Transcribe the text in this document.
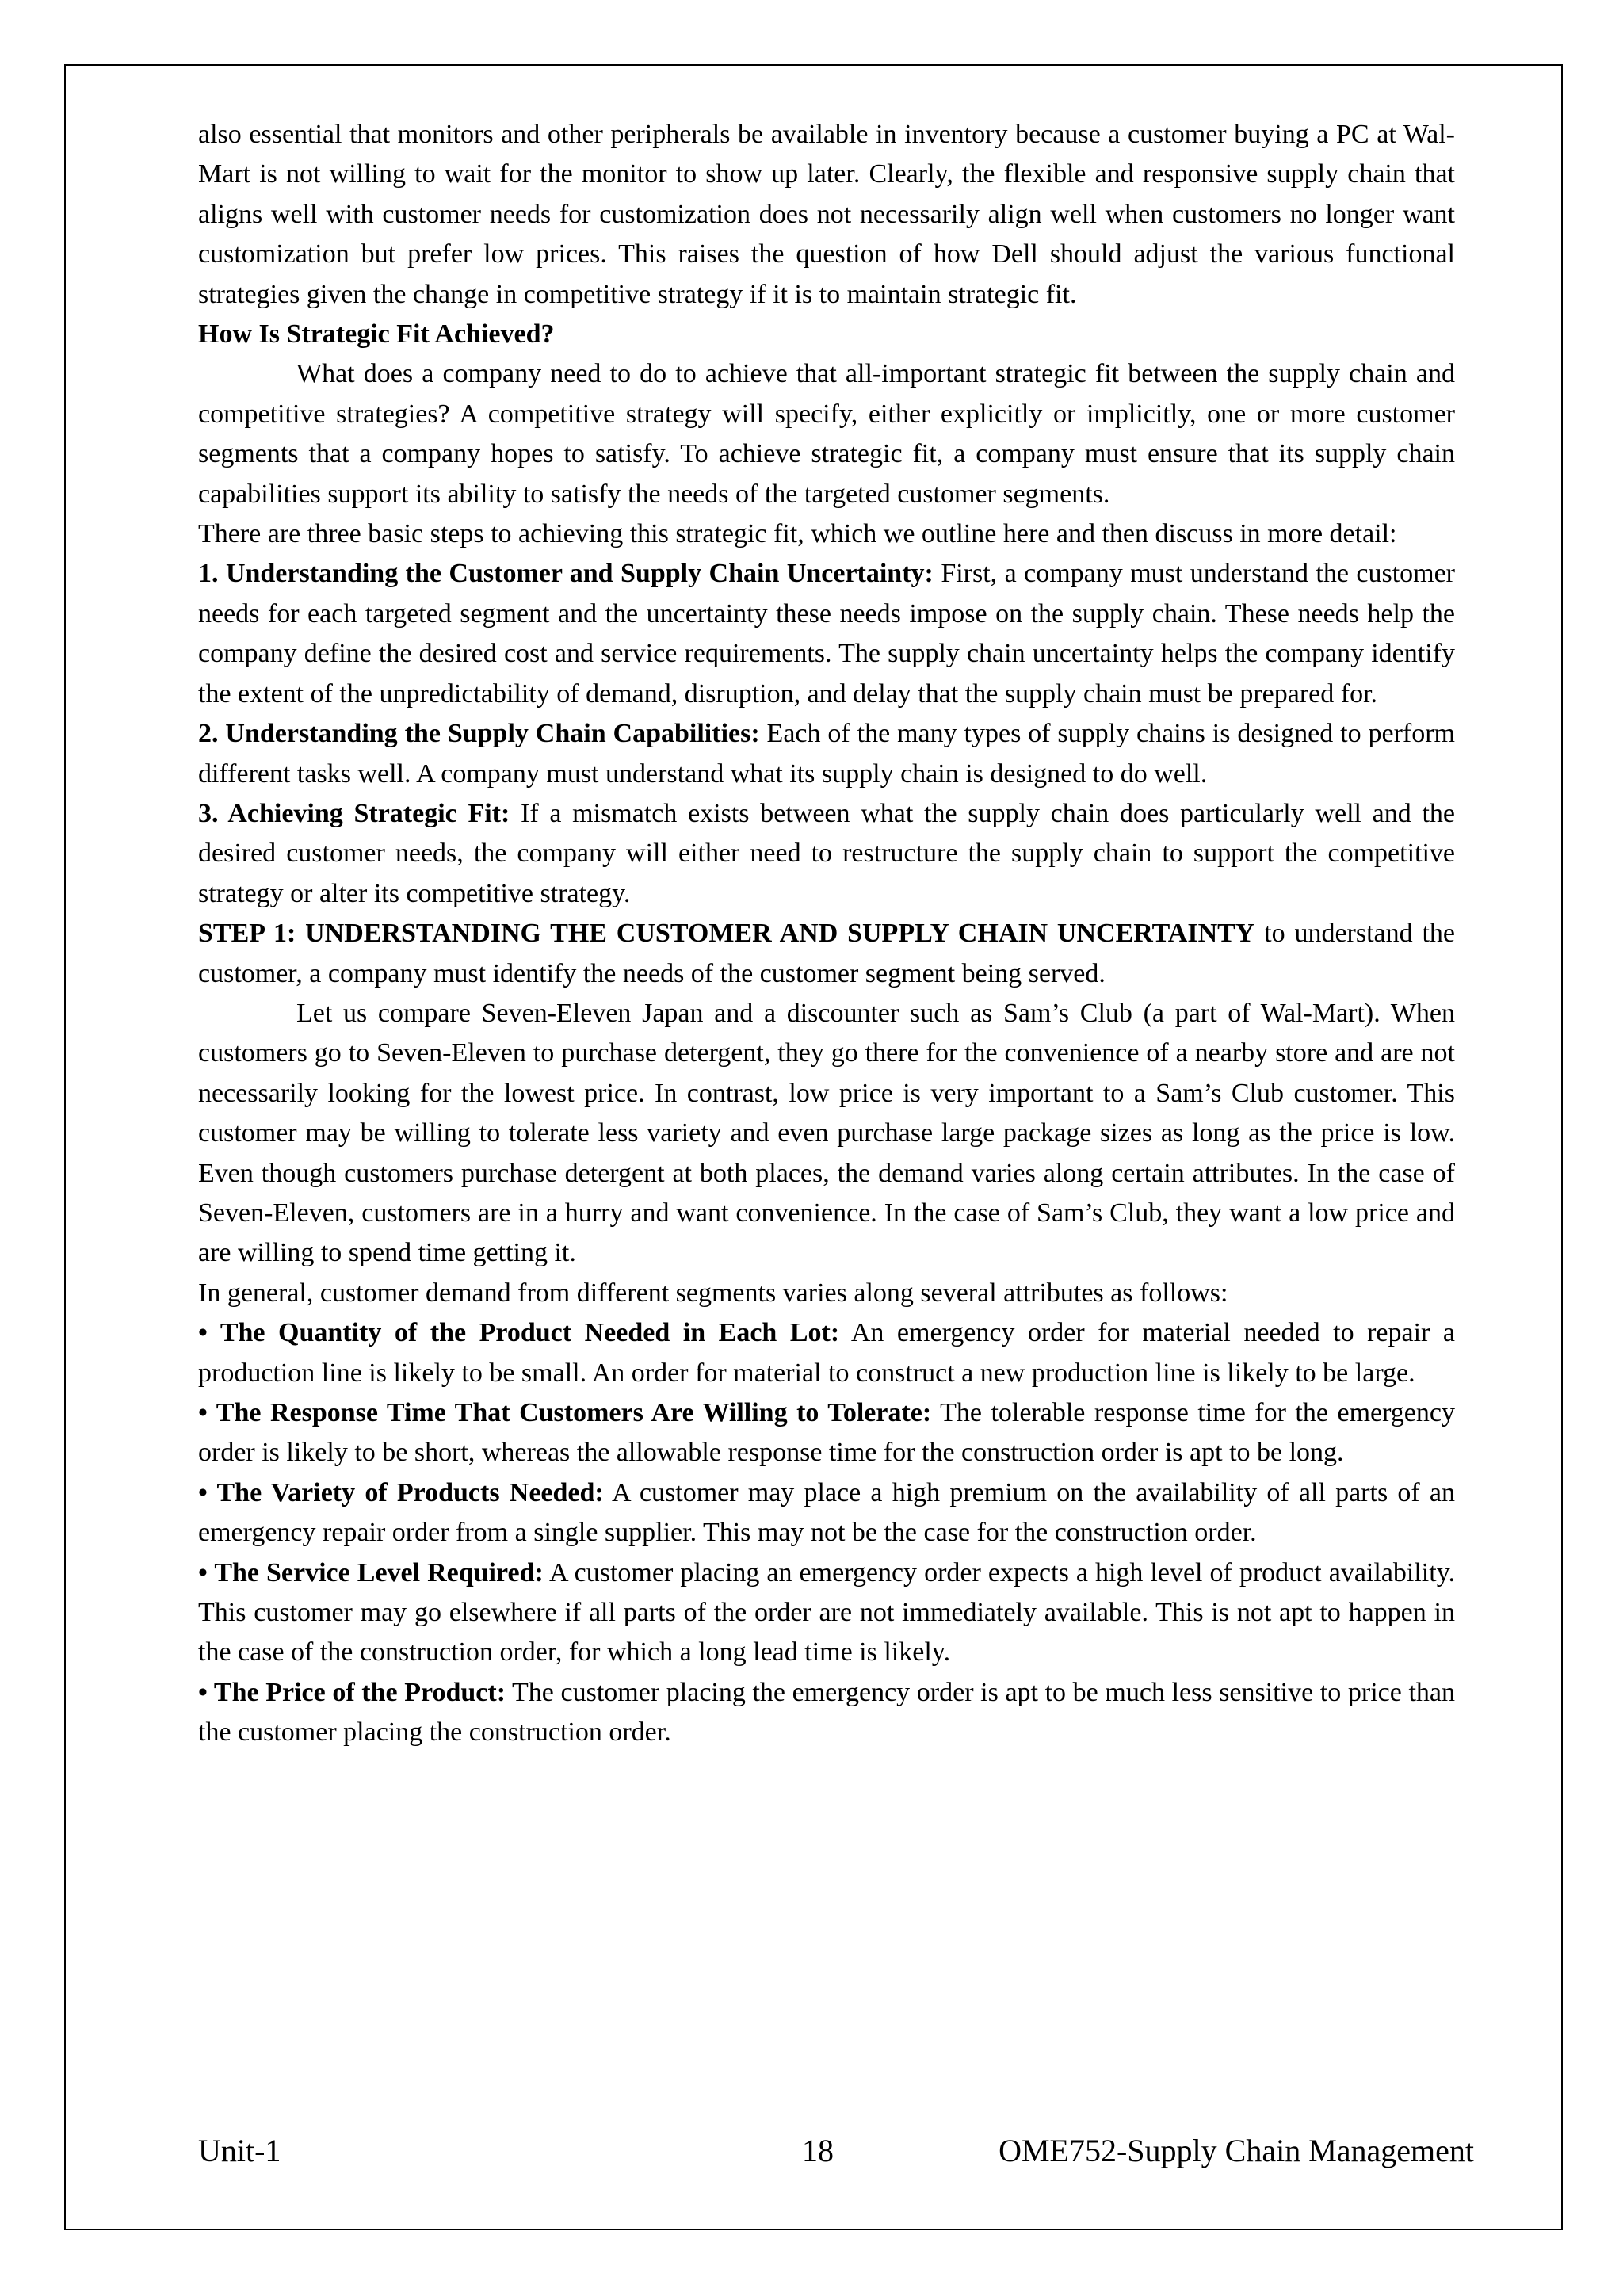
also essential that monitors and other peripherals be available in inventory because a customer buying a PC at Wal-Mart is not willing to wait for the monitor to show up later. Clearly, the flexible and responsive supply chain that aligns well with customer needs for customization does not necessarily align well when customers no longer want customization but prefer low prices. This raises the question of how Dell should adjust the various functional strategies given the change in competitive strategy if it is to maintain strategic fit.

How Is Strategic Fit Achieved?

What does a company need to do to achieve that all-important strategic fit between the supply chain and competitive strategies? A competitive strategy will specify, either explicitly or implicitly, one or more customer segments that a company hopes to satisfy. To achieve strategic fit, a company must ensure that its supply chain capabilities support its ability to satisfy the needs of the targeted customer segments.

There are three basic steps to achieving this strategic fit, which we outline here and then discuss in more detail:

1. Understanding the Customer and Supply Chain Uncertainty: First, a company must understand the customer needs for each targeted segment and the uncertainty these needs impose on the supply chain. These needs help the company define the desired cost and service requirements. The supply chain uncertainty helps the company identify the extent of the unpredictability of demand, disruption, and delay that the supply chain must be prepared for.

2. Understanding the Supply Chain Capabilities: Each of the many types of supply chains is designed to perform different tasks well. A company must understand what its supply chain is designed to do well.

3. Achieving Strategic Fit: If a mismatch exists between what the supply chain does particularly well and the desired customer needs, the company will either need to restructure the supply chain to support the competitive strategy or alter its competitive strategy.

STEP 1: UNDERSTANDING THE CUSTOMER AND SUPPLY CHAIN UNCERTAINTY to understand the customer, a company must identify the needs of the customer segment being served.

Let us compare Seven-Eleven Japan and a discounter such as Sam’s Club (a part of Wal-Mart). When customers go to Seven-Eleven to purchase detergent, they go there for the convenience of a nearby store and are not necessarily looking for the lowest price. In contrast, low price is very important to a Sam’s Club customer. This customer may be willing to tolerate less variety and even purchase large package sizes as long as the price is low. Even though customers purchase detergent at both places, the demand varies along certain attributes. In the case of Seven-Eleven, customers are in a hurry and want convenience. In the case of Sam’s Club, they want a low price and are willing to spend time getting it.

In general, customer demand from different segments varies along several attributes as follows:

• The Quantity of the Product Needed in Each Lot: An emergency order for material needed to repair a production line is likely to be small. An order for material to construct a new production line is likely to be large.

• The Response Time That Customers Are Willing to Tolerate: The tolerable response time for the emergency order is likely to be short, whereas the allowable response time for the construction order is apt to be long.

• The Variety of Products Needed: A customer may place a high premium on the availability of all parts of an emergency repair order from a single supplier. This may not be the case for the construction order.

• The Service Level Required: A customer placing an emergency order expects a high level of product availability. This customer may go elsewhere if all parts of the order are not immediately available. This is not apt to happen in the case of the construction order, for which a long lead time is likely.

• The Price of the Product: The customer placing the emergency order is apt to be much less sensitive to price than the customer placing the construction order.

Unit-1	18	OME752-Supply Chain Management
